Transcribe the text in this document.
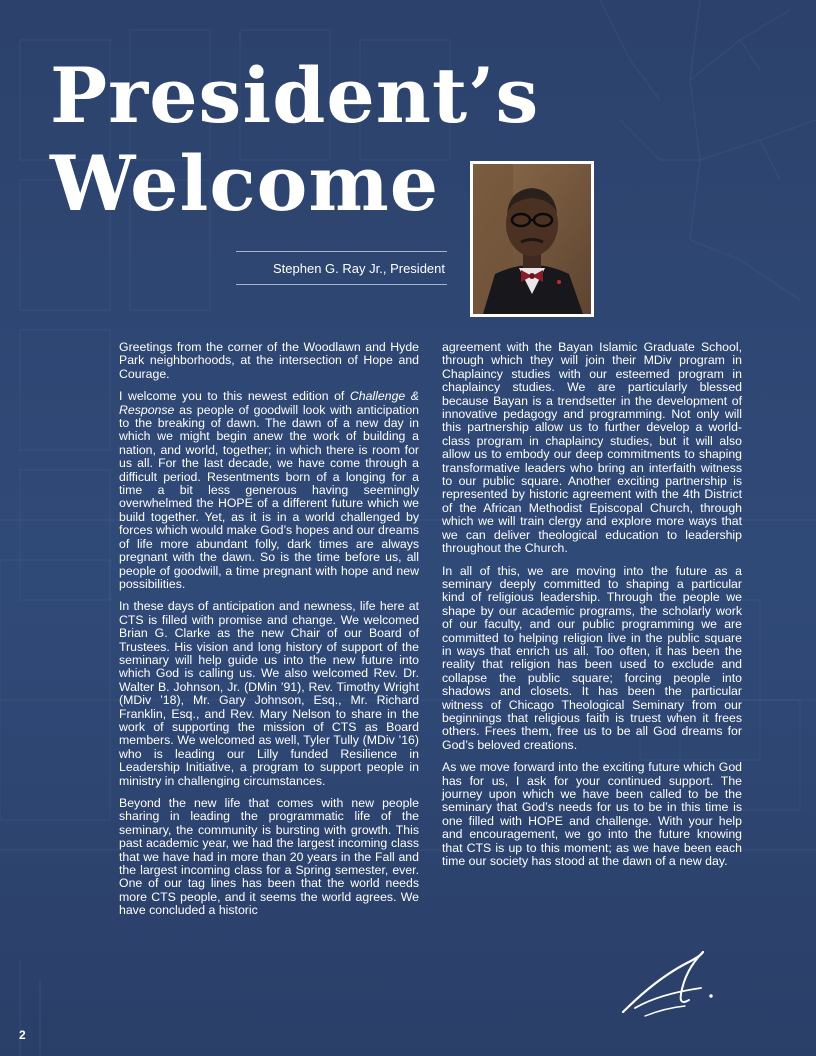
President’s
Welcome
Stephen G. Ray Jr., President

Greetings from the corner of the Woodlawn and Hyde Park neighborhoods, at the intersection of Hope and Courage.

I welcome you to this newest edition of Challenge & Response as people of goodwill look with anticipation to the breaking of dawn. The dawn of a new day in which we might begin anew the work of building a nation, and world, together; in which there is room for us all. For the last decade, we have come through a difficult period. Resentments born of a longing for a time a bit less generous having seemingly overwhelmed the HOPE of a different future which we build together. Yet, as it is in a world challenged by forces which would make God’s hopes and our dreams of life more abundant folly, dark times are always pregnant with the dawn. So is the time before us, all people of goodwill, a time pregnant with hope and new possibilities.

In these days of anticipation and newness, life here at CTS is filled with promise and change. We welcomed Brian G. Clarke as the new Chair of our Board of Trustees. His vision and long history of support of the seminary will help guide us into the new future into which God is calling us. We also welcomed Rev. Dr. Walter B. Johnson, Jr. (DMin ’91), Rev. Timothy Wright (MDiv ’18), Mr. Gary Johnson, Esq., Mr. Richard Franklin, Esq., and Rev. Mary Nelson to share in the work of supporting the mission of CTS as Board members. We welcomed as well, Tyler Tully (MDiv ’16) who is leading our Lilly funded Resilience in Leadership Initiative, a program to support people in ministry in challenging circumstances.

Beyond the new life that comes with new people sharing in leading the programmatic life of the seminary, the community is bursting with growth. This past academic year, we had the largest incoming class that we have had in more than 20 years in the Fall and the largest incoming class for a Spring semester, ever. One of our tag lines has been that the world needs more CTS people, and it seems the world agrees. We have concluded a historic

agreement with the Bayan Islamic Graduate School, through which they will join their MDiv program in Chaplaincy studies with our esteemed program in chaplaincy studies. We are particularly blessed because Bayan is a trendsetter in the development of innovative pedagogy and programming. Not only will this partnership allow us to further develop a world-class program in chaplaincy studies, but it will also allow us to embody our deep commitments to shaping transformative leaders who bring an interfaith witness to our public square. Another exciting partnership is represented by historic agreement with the 4th District of the African Methodist Episcopal Church, through which we will train clergy and explore more ways that we can deliver theological education to leadership throughout the Church.

In all of this, we are moving into the future as a seminary deeply committed to shaping a particular kind of religious leadership. Through the people we shape by our academic programs, the scholarly work of our faculty, and our public programming we are committed to helping religion live in the public square in ways that enrich us all. Too often, it has been the reality that religion has been used to exclude and collapse the public square; forcing people into shadows and closets. It has been the particular witness of Chicago Theological Seminary from our beginnings that religious faith is truest when it frees others. Frees them, free us to be all God dreams for God’s beloved creations.

As we move forward into the exciting future which God has for us, I ask for your continued support. The journey upon which we have been called to be the seminary that God’s needs for us to be in this time is one filled with HOPE and challenge. With your help and encouragement, we go into the future knowing that CTS is up to this moment; as we have been each time our society has stood at the dawn of a new day.

2
